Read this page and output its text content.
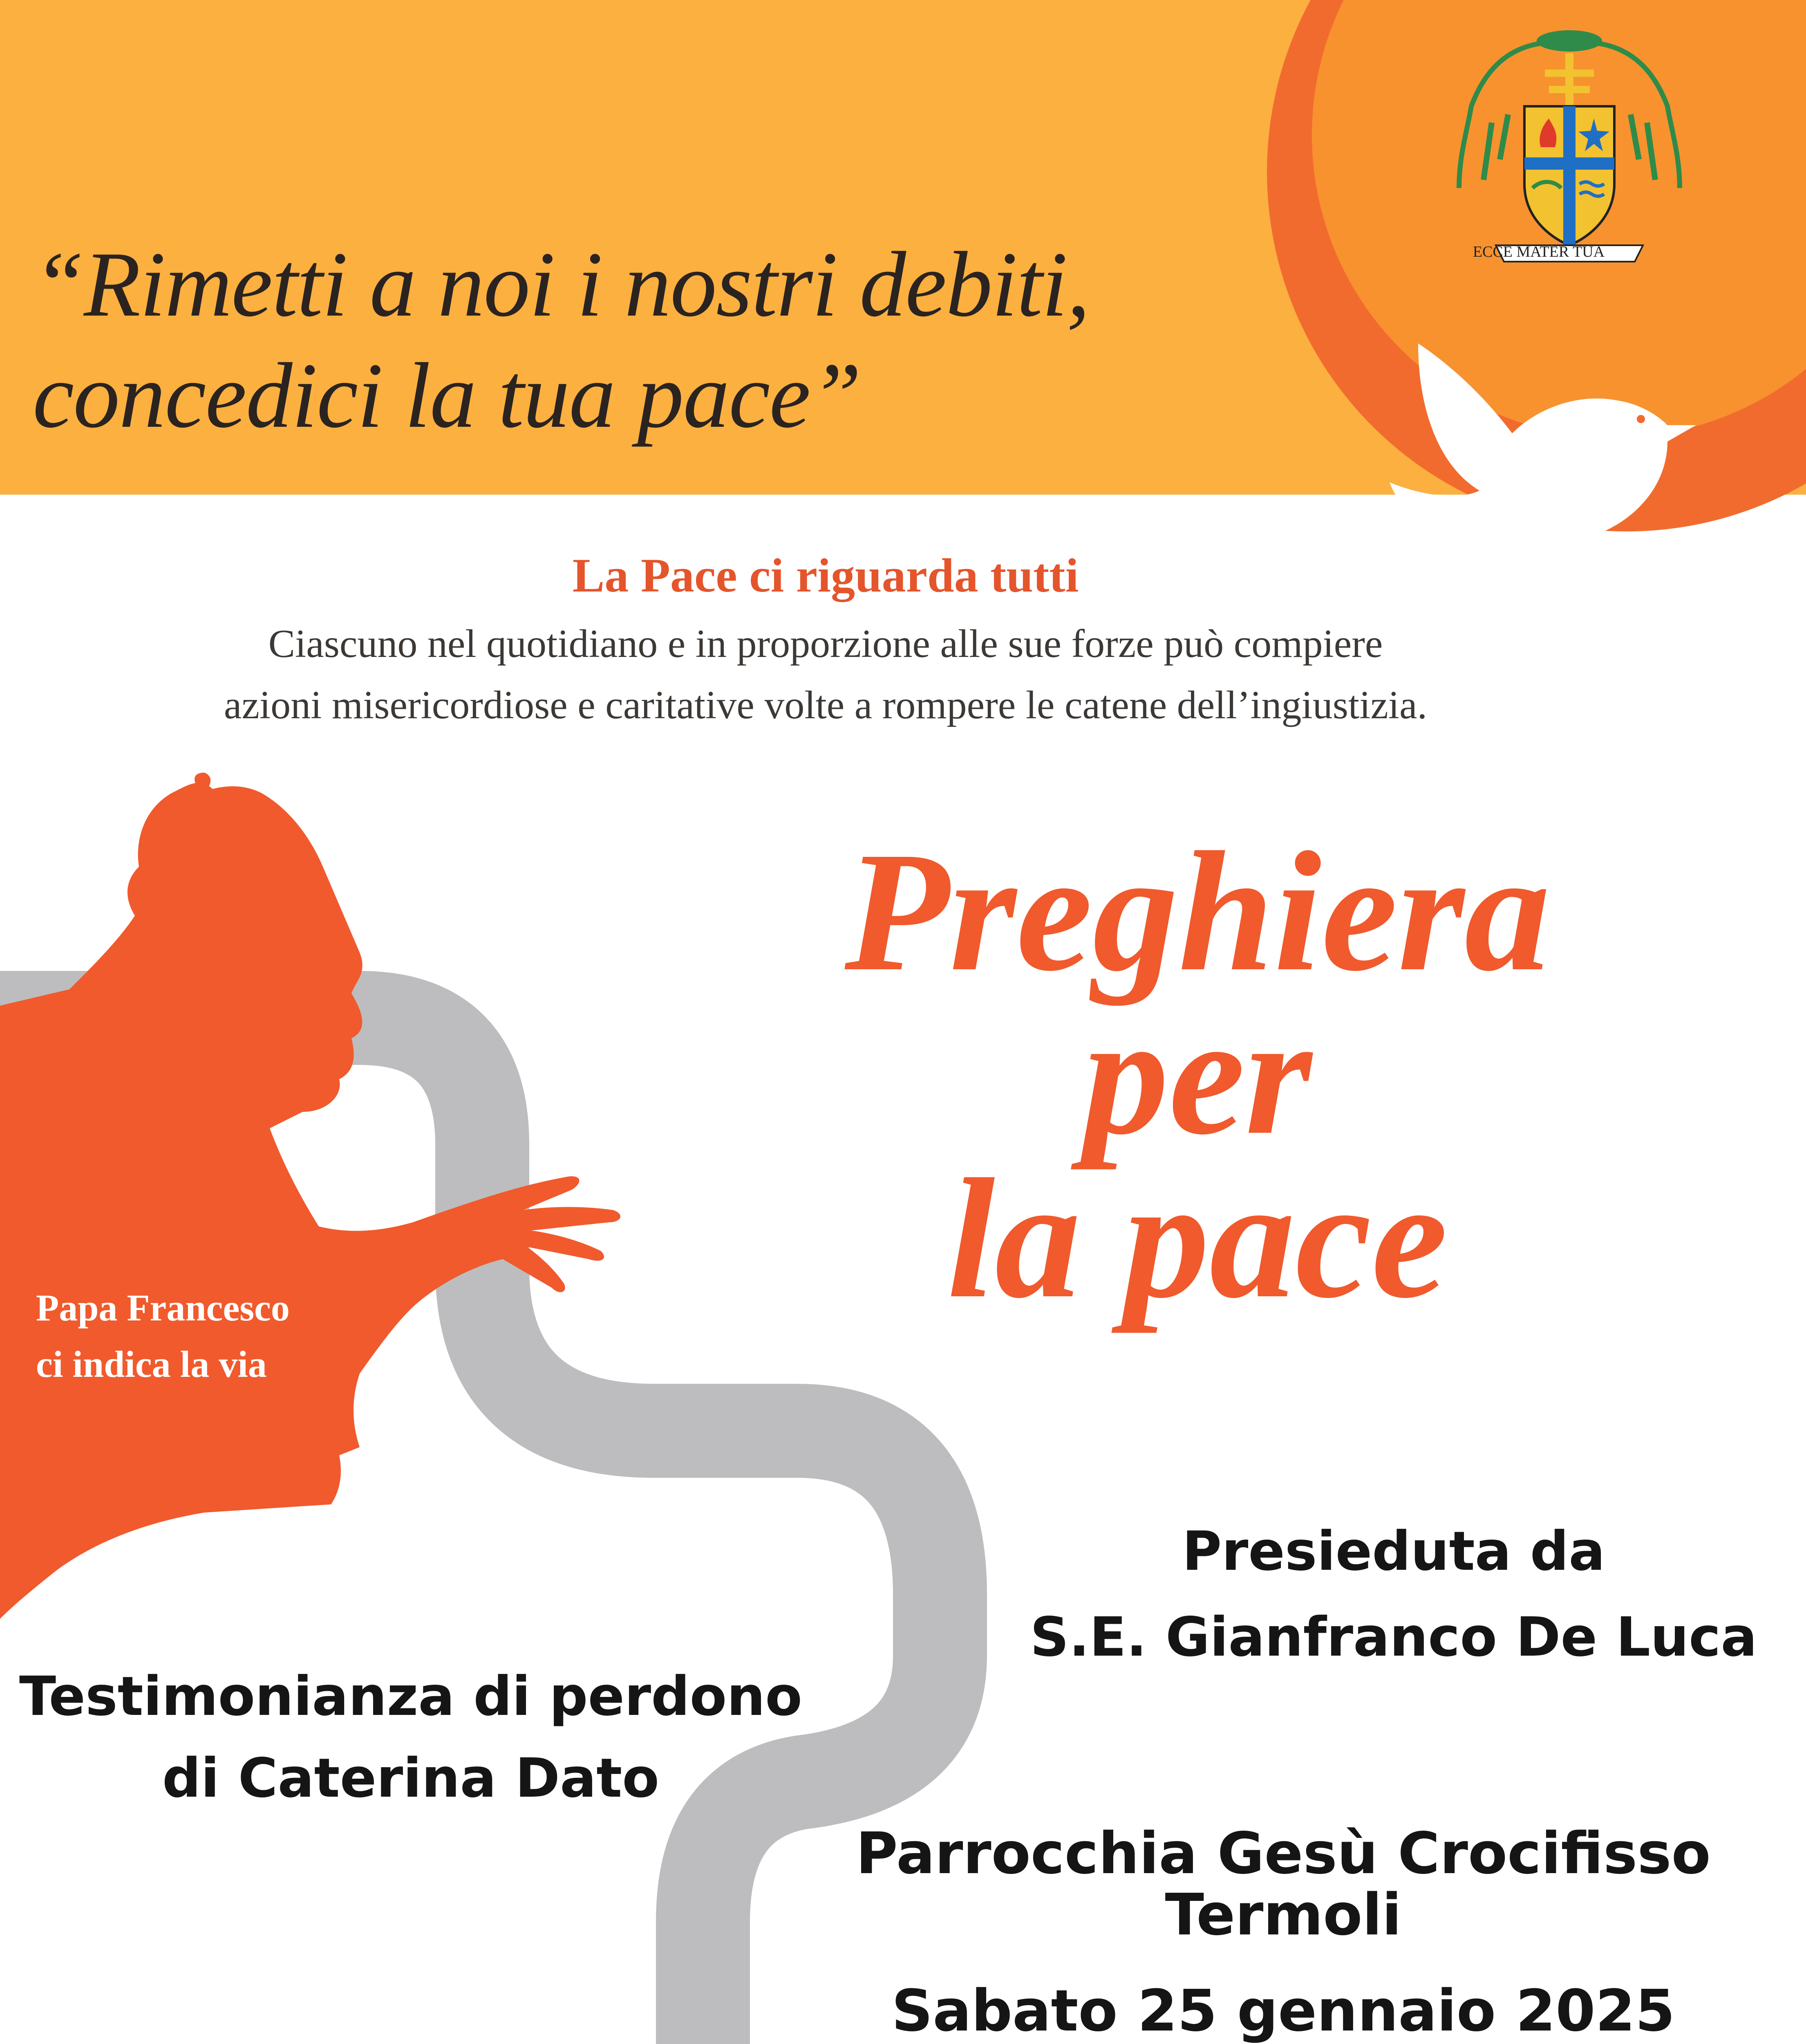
ECCE MATER TUA
“Rimetti a noi i nostri debiti,
concedici la tua pace”
La Pace ci riguarda tutti
Ciascuno nel quotidiano e in proporzione alle sue forze può compiere
azioni misericordiose e caritative volte a rompere le catene dell’ingiustizia.
Preghiera
per
la pace
Papa Francesco
ci indica la via
Presieduta da
S.E. Gianfranco De Luca
Testimonianza di perdono
di Caterina Dato
Parrocchia Gesù Crocifisso
Termoli
Sabato 25 gennaio 2025
